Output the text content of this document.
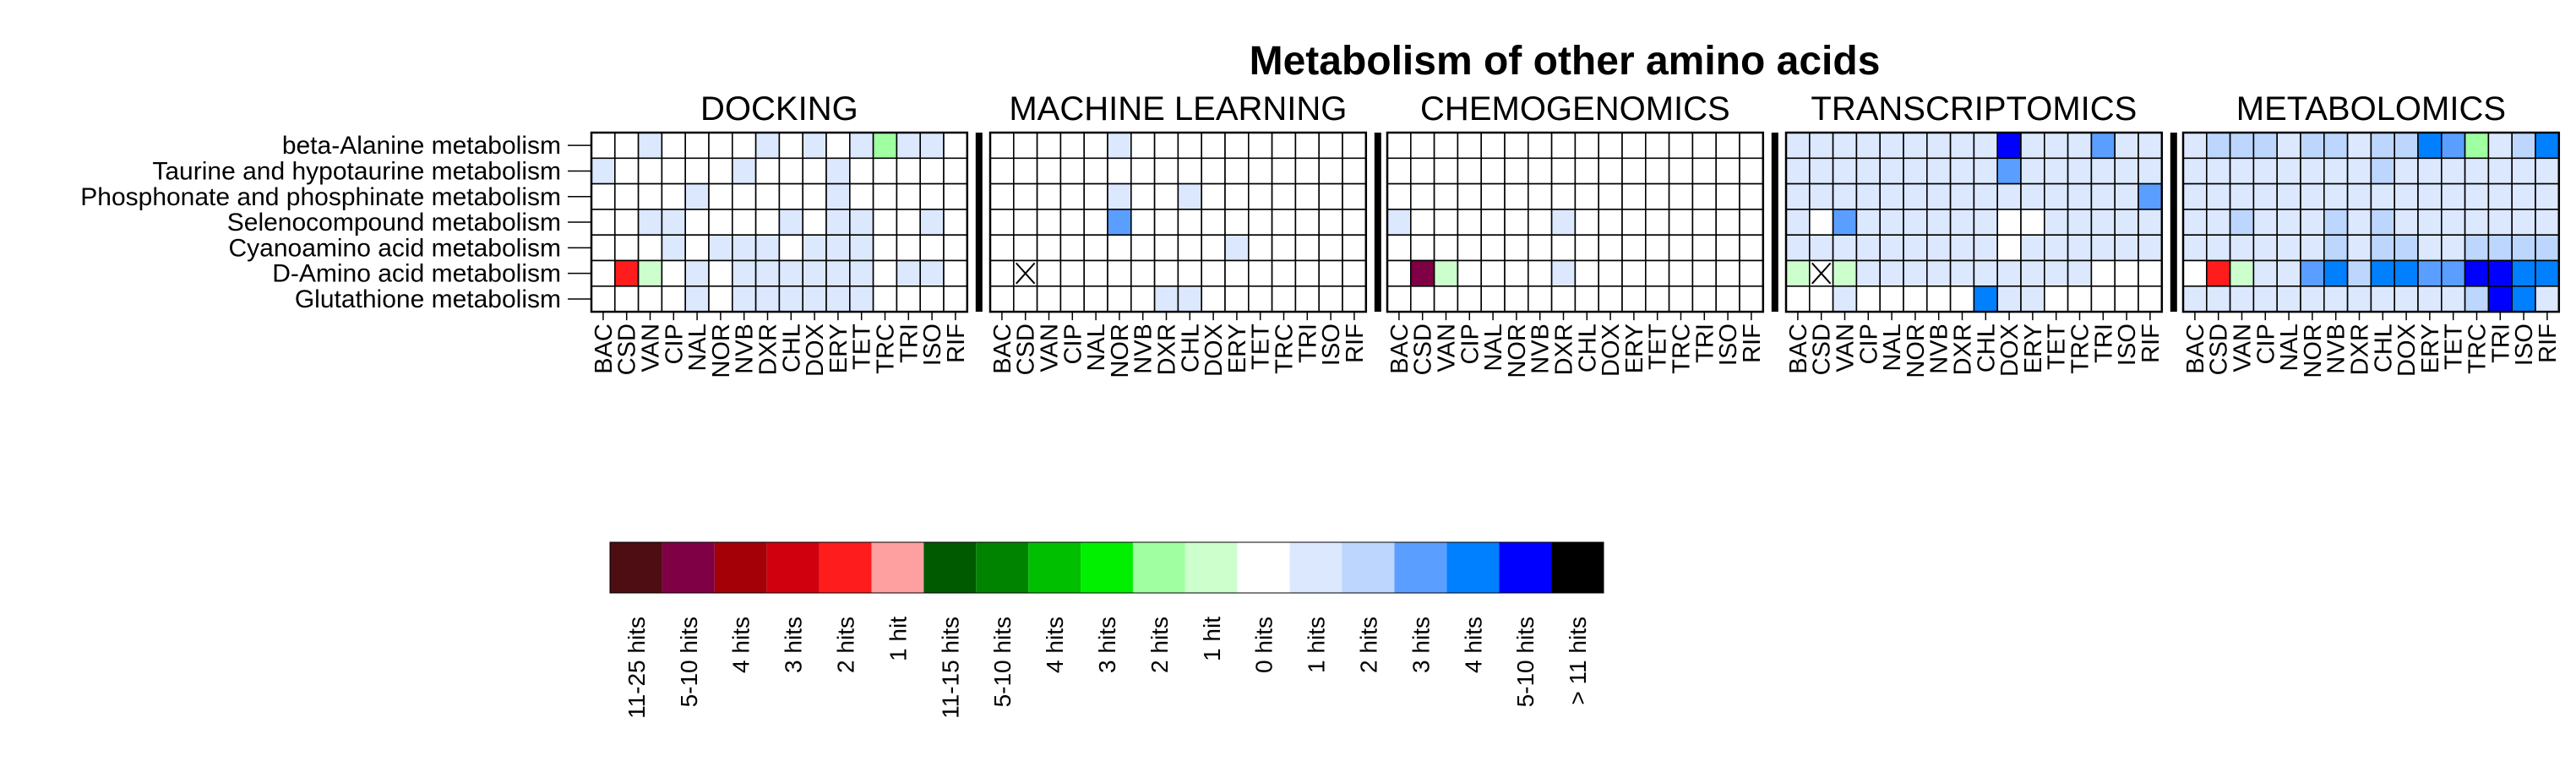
Metabolism of other amino acids
DOCKING
BAC
CSD
VAN
CIP
NAL
NOR
NVB
DXR
CHL
DOX
ERY
TET
TRC
TRI
ISO
RIF
MACHINE LEARNING
BAC
CSD
VAN
CIP
NAL
NOR
NVB
DXR
CHL
DOX
ERY
TET
TRC
TRI
ISO
RIF
CHEMOGENOMICS
BAC
CSD
VAN
CIP
NAL
NOR
NVB
DXR
CHL
DOX
ERY
TET
TRC
TRI
ISO
RIF
TRANSCRIPTOMICS
BAC
CSD
VAN
CIP
NAL
NOR
NVB
DXR
CHL
DOX
ERY
TET
TRC
TRI
ISO
RIF
METABOLOMICS
BAC
CSD
VAN
CIP
NAL
NOR
NVB
DXR
CHL
DOX
ERY
TET
TRC
TRI
ISO
RIF
beta-Alanine metabolism
Taurine and hypotaurine metabolism
Phosphonate and phosphinate metabolism
Selenocompound metabolism
Cyanoamino acid metabolism
D-Amino acid metabolism
Glutathione metabolism
11-25 hits 5-10 hits 4 hits 3 hits 2 hits 1 hit 11-15 hits 5-10 hits 4 hits 3 hits 2 hits 1 hit 0 hits 1 hits 2 hits 3 hits 4 hits 5-10 hits > 11 hits
